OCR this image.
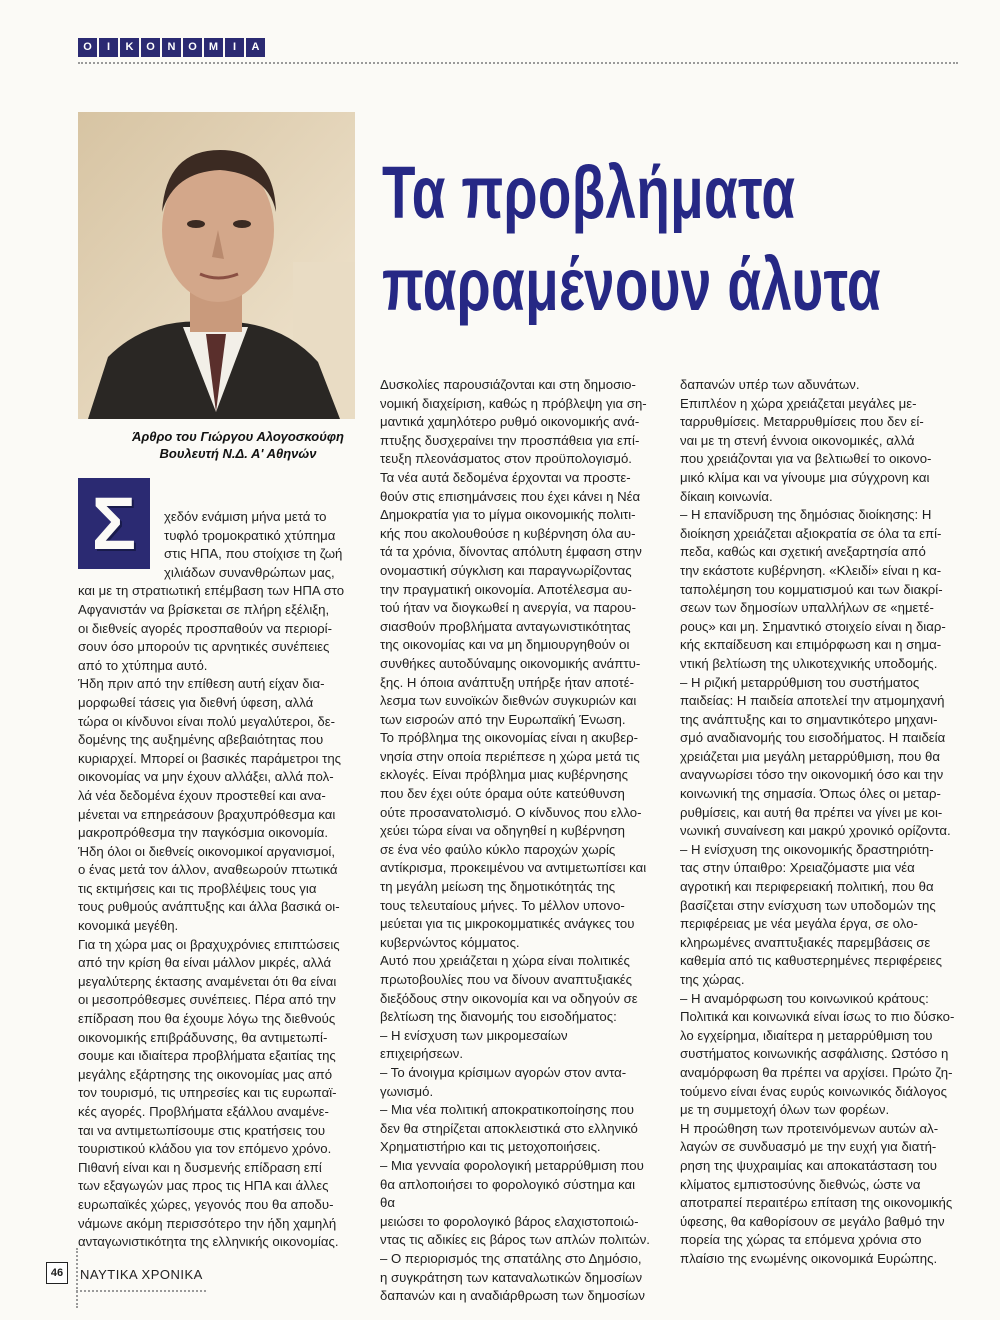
Ο	Ι	Κ	Ο	Ν	Ο	Μ	Ι	Α
Άρθρο του Γιώργου Αλογοσκούφη
Βουλευτή Ν.Δ. Α' Αθηνών
Τα προβλήματα
παραμένουν άλυτα
Σ χεδόν ενάμιση μήνα μετά το

τυφλό τρομοκρατικό χτύπημα

στις ΗΠΑ, που στοίχισε τη ζωή

χιλιάδων συνανθρώπων μας,

και με τη στρατιωτική επέμβαση των ΗΠΑ στο

Αφγανιστάν να βρίσκεται σε πλήρη εξέλιξη,

οι διεθνείς αγορές προσπαθούν να περιορί-

σουν όσο μπορούν τις αρνητικές συνέπειες

από το χτύπημα αυτό.

Ήδη πριν από την επίθεση αυτή είχαν δια-

μορφωθεί τάσεις για διεθνή ύφεση, αλλά

τώρα οι κίνδυνοι είναι πολύ μεγαλύτεροι, δε-

δομένης της αυξημένης αβεβαιότητας που

κυριαρχεί. Μπορεί οι βασικές παράμετροι της

οικονομίας να μην έχουν αλλάξει, αλλά πολ-

λά νέα δεδομένα έχουν προστεθεί και ανα-

μένεται να επηρεάσουν βραχυπρόθεσμα και

μακροπρόθεσμα την παγκόσμια οικονομία.

Ήδη όλοι οι διεθνείς οικονομικοί αργανισμοί,

ο ένας μετά τον άλλον, αναθεωρούν πτωτικά

τις εκτιμήσεις και τις προβλέψεις τους για

τους ρυθμούς ανάπτυξης και άλλα βασικά οι-

κονομικά μεγέθη.

Για τη χώρα μας οι βραχυχρόνιες επιπτώσεις

από την κρίση θα είναι μάλλον μικρές, αλλά

μεγαλύτερης έκτασης αναμένεται ότι θα είναι

οι μεσοπρόθεσμες συνέπειες. Πέρα από την

επίδραση που θα έχουμε λόγω της διεθνούς

οικονομικής επιβράδυνσης, θα αντιμετωπί-

σουμε και ιδιαίτερα προβλήματα εξαιτίας της

μεγάλης εξάρτησης της οικονομίας μας από

τον τουρισμό, τις υπηρεσίες και τις ευρωπαϊ-

κές αγορές. Προβλήματα εξάλλου αναμένε-

ται να αντιμετωπίσουμε στις κρατήσεις του

τουριστικού κλάδου για τον επόμενο χρόνο.

Πιθανή είναι και η δυσμενής επίδραση επί

των εξαγωγών μας προς τις ΗΠΑ και άλλες

ευρωπαϊκές χώρες, γεγονός που θα αποδυ-

νάμωνε ακόμη περισσότερο την ήδη χαμηλή

ανταγωνιστικότητα της ελληνικής οικονομίας.

Δυσκολίες παρουσιάζονται και στη δημοσιο-

νομική διαχείριση, καθώς η πρόβλεψη για ση-

μαντικά χαμηλότερο ρυθμό οικονομικής ανά-

πτυξης δυσχεραίνει την προσπάθεια για επί-

τευξη πλεονάσματος στον προϋπολογισμό.

Τα νέα αυτά δεδομένα έρχονται να προστε-

θούν στις επισημάνσεις που έχει κάνει η Νέα

Δημοκρατία για το μίγμα οικονομικής πολιτι-

κής που ακολουθούσε η κυβέρνηση όλα αυ-

τά τα χρόνια, δίνοντας απόλυτη έμφαση στην

ονομαστική σύγκλιση και παραγνωρίζοντας

την πραγματική οικονομία. Αποτέλεσμα αυ-

τού ήταν να διογκωθεί η ανεργία, να παρου-

σιασθούν προβλήματα ανταγωνιστικότητας

της οικονομίας και να μη δημιουργηθούν οι

συνθήκες αυτοδύναμης οικονομικής ανάπτυ-

ξης. Η όποια ανάπτυξη υπήρξε ήταν αποτέ-

λεσμα των ευνοϊκών διεθνών συγκυριών και

των εισροών από την Ευρωπαϊκή Ένωση.

Το πρόβλημα της οικονομίας είναι η ακυβερ-

νησία στην οποία περιέπεσε η χώρα μετά τις

εκλογές. Είναι πρόβλημα μιας κυβέρνησης

που δεν έχει ούτε όραμα ούτε κατεύθυνση

ούτε προσανατολισμό. Ο κίνδυνος που ελλο-

χεύει τώρα είναι να οδηγηθεί η κυβέρνηση

σε ένα νέο φαύλο κύκλο παροχών χωρίς

αντίκρισμα, προκειμένου να αντιμετωπίσει και

τη μεγάλη μείωση της δημοτικότητάς της

τους τελευταίους μήνες. Το μέλλον υπονο-

μεύεται για τις μικροκομματικές ανάγκες του

κυβερνώντος κόμματος.

Αυτό που χρειάζεται η χώρα είναι πολιτικές

πρωτοβουλίες που να δίνουν αναπτυξιακές

διεξόδους στην οικονομία και να οδηγούν σε

βελτίωση της διανομής του εισοδήματος:

– Η ενίσχυση των μικρομεσαίων επιχειρήσεων.

– Το άνοιγμα κρίσιμων αγορών στον αντα-

γωνισμό.

– Μια νέα πολιτική αποκρατικοποίησης που

δεν θα στηρίζεται αποκλειστικά στο ελληνικό

Χρηματιστήριο και τις μετοχοποιήσεις.

– Μια γενναία φορολογική μεταρρύθμιση που

θα απλοποιήσει το φορολογικό σύστημα και θα

μειώσει το φορολογικό βάρος ελαχιστοποιώ-

ντας τις αδικίες εις βάρος των απλών πολιτών.

– Ο περιορισμός της σπατάλης στο Δημόσιο,

η συγκράτηση των καταναλωτικών δημοσίων

δαπανών και η αναδιάρθρωση των δημοσίων

δαπανών υπέρ των αδυνάτων.

Επιπλέον η χώρα χρειάζεται μεγάλες με-

ταρρυθμίσεις. Μεταρρυθμίσεις που δεν εί-

ναι με τη στενή έννοια οικονομικές, αλλά

που χρειάζονται για να βελτιωθεί το οικονο-

μικό κλίμα και να γίνουμε μια σύγχρονη και

δίκαιη κοινωνία.

– Η επανίδρυση της δημόσιας διοίκησης: Η

διοίκηση χρειάζεται αξιοκρατία σε όλα τα επί-

πεδα, καθώς και σχετική ανεξαρτησία από

την εκάστοτε κυβέρνηση. «Κλειδί» είναι η κα-

ταπολέμηση του κομματισμού και των διακρί-

σεων των δημοσίων υπαλλήλων σε «ημετέ-

ρους» και μη. Σημαντικό στοιχείο είναι η διαρ-

κής εκπαίδευση και επιμόρφωση και η σημα-

ντική βελτίωση της υλικοτεχνικής υποδομής.

– Η ριζική μεταρρύθμιση του συστήματος

παιδείας: Η παιδεία αποτελεί την ατμομηχανή

της ανάπτυξης και το σημαντικότερο μηχανι-

σμό αναδιανομής του εισοδήματος. Η παιδεία

χρειάζεται μια μεγάλη μεταρρύθμιση, που θα

αναγνωρίσει τόσο την οικονομική όσο και την

κοινωνική της σημασία. Όπως όλες οι μεταρ-

ρυθμίσεις, και αυτή θα πρέπει να γίνει με κοι-

νωνική συναίνεση και μακρύ χρονικό ορίζοντα.

– Η ενίσχυση της οικονομικής δραστηριότη-

τας στην ύπαιθρο: Χρειαζόμαστε μια νέα

αγροτική και περιφερειακή πολιτική, που θα

βασίζεται στην ενίσχυση των υποδομών της

περιφέρειας με νέα μεγάλα έργα, σε ολο-

κληρωμένες αναπτυξιακές παρεμβάσεις σε

καθεμία από τις καθυστερημένες περιφέρειες

της χώρας.

– Η αναμόρφωση του κοινωνικού κράτους:

Πολιτικά και κοινωνικά είναι ίσως το πιο δύσκο-

λο εγχείρημα, ιδιαίτερα η μεταρρύθμιση του

συστήματος κοινωνικής ασφάλισης. Ωστόσο η

αναμόρφωση θα πρέπει να αρχίσει. Πρώτο ζη-

τούμενο είναι ένας ευρύς κοινωνικός διάλογος

με τη συμμετοχή όλων των φορέων.

Η προώθηση των προτεινόμενων αυτών αλ-

λαγών σε συνδυασμό με την ευχή για διατή-

ρηση της ψυχραιμίας και αποκατάσταση του

κλίματος εμπιστοσύνης διεθνώς, ώστε να

αποτραπεί περαιτέρω επίταση της οικονομικής

ύφεσης, θα καθορίσουν σε μεγάλο βαθμό την

πορεία της χώρας τα επόμενα χρόνια στο

πλαίσιο της ενωμένης οικονομικά Ευρώπης.

46	ΝΑΥΤΙΚΑ ΧΡΟΝΙΚΑ
